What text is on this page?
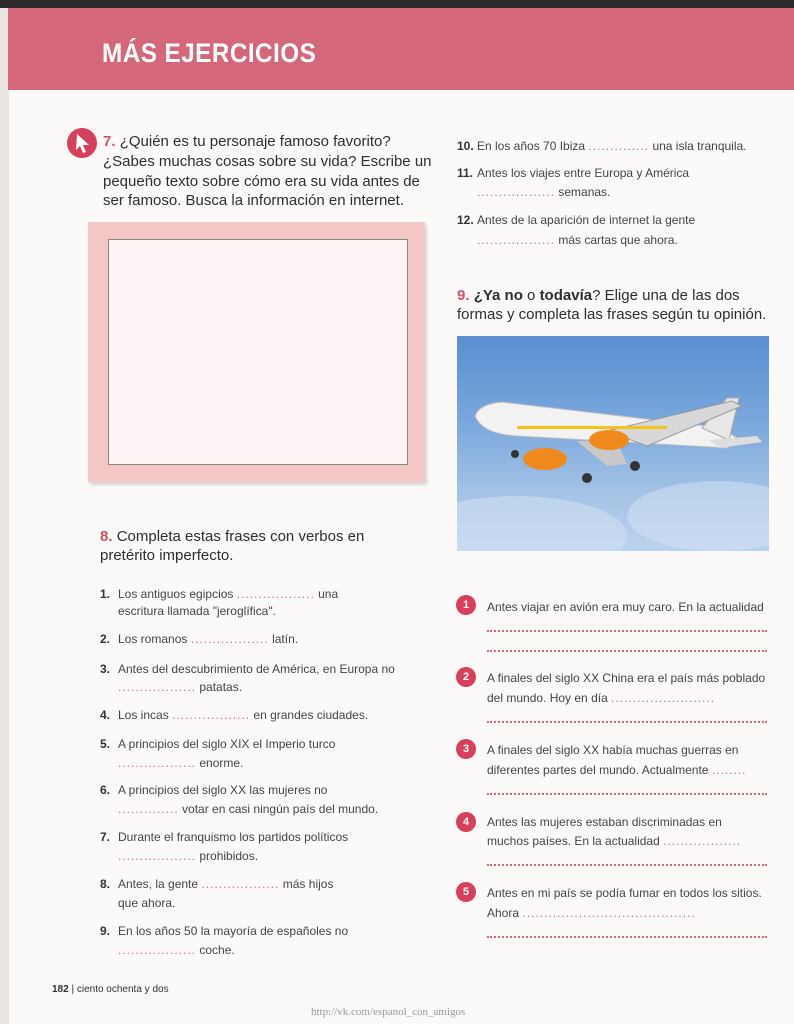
MÁS EJERCICIOS
7. ¿Quién es tu personaje famoso favorito?
¿Sabes muchas cosas sobre su vida? Escribe un
pequeño texto sobre cómo era su vida antes de
ser famoso. Busca la información en internet.
8. Completa estas frases con verbos en
pretérito imperfecto.
1. Los antiguos egipcios .................. una
escritura llamada "jeroglífica".
2. Los romanos .................. latín.
3. Antes del descubrimiento de América, en Europa no
.................. patatas.
4. Los incas .................. en grandes ciudades.
5. A principios del siglo XIX el Imperio turco
.................. enorme.
6. A principios del siglo XX las mujeres no
.............. votar en casi ningún país del mundo.
7. Durante el franquismo los partidos políticos
.................. prohibidos.
8. Antes, la gente .................. más hijos
que ahora.
9. En los años 50 la mayoría de españoles no
.................. coche.
10. En los años 70 Ibiza .............. una isla tranquila.
11. Antes los viajes entre Europa y América
.................. semanas.
12. Antes de la aparición de internet la gente
.................. más cartas que ahora.
9. ¿Ya no o todavía? Elige una de las dos
formas y completa las frases según tu opinión.
1	Antes viajar en avión era muy caro. En la actualidad
2	A finales del siglo XX China era el país más poblado
del mundo. Hoy en día ........................
3	A finales del siglo XX había muchas guerras en
diferentes partes del mundo. Actualmente ........
4	Antes las mujeres estaban discriminadas en
muchos países. En la actualidad ..................
5	Antes en mi país se podía fumar en todos los sitios.
Ahora ........................................
182 | ciento ochenta y dos
http://vk.com/espanol_con_amigos
